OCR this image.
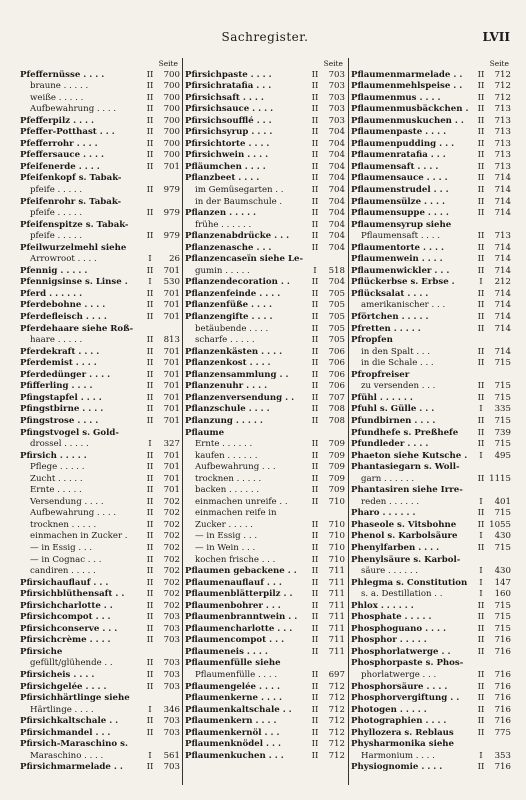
Sachregister.	LVII
Seite
Pfeffernüsse . . . .	II	700
braune . . . . .	II	700
weiße . . . . .	II	700
Aufbewahrung . . . .	II	700
Pfefferpilz . . . .	II	700
Pfeffer-Potthast . . .	II	700
Pfefferrohr . . . .	II	700
Pfeffersauce . . . .	II	700
Pfeifenerde . . . .	II	701
Pfeifenkopf s. Tabak-
pfeife . . . . .	II	979
Pfeifenrohr s. Tabak-
pfeife . . . . .	II	979
Pfeifenspitze s. Tabak-
pfeife . . . . .	II	979
Pfeilwurzelmehl siehe
Arrowroot . . . .	I	26
Pfennig . . . . .	II	701
Pfennigsinse s. Linse .	I	530
Pferd . . . . . .	II	701
Pferdebohne . . . .	II	701
Pferdefleisch . . . .	II	701
Pferdehaare siehe Roß-
haare . . . . .	II	813
Pferdekraft . . . .	II	701
Pferdemist . . . .	II	701
Pferdedünger . . . .	II	701
Pfifferling . . . .	II	701
Pfingstapfel . . . .	II	701
Pfingstbirne . . . .	II	701
Pfingstrose . . . .	II	701
Pfingstvogel s. Gold-
drossel . . . . .	I	327
Pfirsich . . . . .	II	701
Pflege . . . . .	II	701
Zucht . . . . .	II	701
Ernte . . . . .	II	701
Versendung . . . .	II	702
Aufbewahrung . . . .	II	702
trocknen . . . . .	II	702
einmachen in Zucker .	II	702
— in Essig . . .	II	702
— in Cognac . . .	II	702
candiren . . . . .	II	702
Pfirsichauflauf . . .	II	702
Pfirsichblüthensaft . .	II	702
Pfirsichcharlotte . .	II	702
Pfirsichcompot . . .	II	703
Pfirsichconserve . . .	II	703
Pfirsichcrème . . . .	II	703
Pfirsiche
gefüllt/glühende . .	II	703
Pfirsicheis . . . .	II	703
Pfirsichgelée . . . .	II	703
Pfirsichhärtlinge siehe
Härtlinge . . . .	I	346
Pfirsichkaltschale . .	II	703
Pfirsichmandel . . .	II	703
Pfirsich-Maraschino s.
Maraschino . . . .	I	561
Pfirsichmarmelade . .	II	703
Seite
Pfirsichpaste . . . .	II	703
Pfirsichratafia . . .	II	703
Pfirsichsaft . . . .	II	703
Pfirsichsauce . . . .	II	703
Pfirsichsoufflé . . .	II	703
Pfirsichsyrup . . . .	II	704
Pfirsichtorte . . . .	II	704
Pfirsichwein . . . .	II	704
Pfläumchen . . . .	II	704
Pflanzbeet . . . .	II	704
im Gemüsegarten . .	II	704
in der Baumschule .	II	704
Pflanzen . . . . .	II	704
frühe . . . . . .	II	704
Pflanzenabdrücke . . .	II	704
Pflanzenasche . . .	II	704
Pflanzencaseïn siehe Le-
gumin . . . . .	I	518
Pflanzendecoration . .	II	704
Pflanzenfeinde . . . .	II	705
Pflanzenfüße . . . .	II	705
Pflanzengifte . . . .	II	705
betäubende . . . .	II	705
scharfe . . . . .	II	705
Pflanzenkästen . . . .	II	706
Pflanzenkost . . . .	II	706
Pflanzensammlung . .	II	706
Pflanzenuhr . . . .	II	706
Pflanzenversendung . .	II	707
Pflanzschule . . . .	II	708
Pflanzung . . . . .	II	708
Pflaume
Ernte . . . . . .	II	709
kaufen . . . . . .	II	709
Aufbewahrung . . .	II	709
trocknen . . . . .	II	709
backen . . . . . .	II	709
einmachen unreife . .	II	710
einmachen reife in
Zucker . . . . .	II	710
— in Essig . . .	II	710
— in Wein . . .	II	710
kochen frische . . .	II	710
Pflaumen gebackene . .	II	711
Pflaumenauflauf . . .	II	711
Pflaumenblätterpilz . .	II	711
Pflaumenbohrer . . .	II	711
Pflaumenbranntwein . .	II	711
Pflaumencharlotte . . .	II	711
Pflaumencompot . . .	II	711
Pflaumeneis . . . .	II	711
Pflaumenfülle siehe
Pflaumenfülle . . . .	II	697
Pflaumengelée . . . .	II	712
Pflaumenkerne . . . .	II	712
Pflaumenkaltschale . .	II	712
Pflaumenkern . . . .	II	712
Pflaumenkernöl . . .	II	712
Pflaumenknödel . . .	II	712
Pflaumenkuchen . . .	II	712
Seite
Pflaumenmarmelade . .	II	712
Pflaumenmehlspeise . .	II	712
Pflaumenmus . . . .	II	712
Pflaumenmusbäckchen .	II	713
Pflaumenmuskuchen . .	II	713
Pflaumenpaste . . . .	II	713
Pflaumenpudding . . .	II	713
Pflaumenratafia . . .	II	713
Pflaumensaft . . . .	II	713
Pflaumensauce . . . .	II	714
Pflaumenstrudel . . .	II	714
Pflaumensülze . . . .	II	714
Pflaumensuppe . . . .	II	714
Pflaumensyrup siehe
Pflaumensaft . . . .	II	713
Pflaumentorte . . . .	II	714
Pflaumenwein . . . .	II	714
Pflaumenwickler . . .	II	714
Pflückerbse s. Erbse .	I	212
Pflücksalat . . . .	II	714
amerikanischer . . .	II	714
Pförtchen . . . . .	II	714
Pfretten . . . . .	II	714
Pfropfen
in den Spalt . . .	II	714
in die Schale . . .	II	715
Pfropfreiser
zu versenden . . .	II	715
Pfühl . . . . . .	II	715
Pfuhl s. Gülle . . .	I	335
Pfundbirnen . . . .	II	715
Pfundhefe s. Preßhefe	II	739
Pfundleder . . . .	II	715
Phaeton siehe Kutsche .	I	495
Phantasiegarn s. Woll-
garn . . . . . .	II 1115
Phantasiren siehe Irre-
reden . . . . . .	I	401
Pharo . . . . . .	II	715
Phaseole s. Vitsbohne	II 1055
Phenol s. Karbolsäure	I	430
Phenylfarben . . . .	II	715
Phenylsäure s. Karbol-
säure . . . . . .	I	430
Phlegma s. Constitution	I	147
s. a. Destillation . .	I	160
Phlox . . . . . .	II	715
Phosphate . . . . .	II	715
Phosphoguano . . . .	II	715
Phosphor . . . . .	II	716
Phosphorlatwerge . .	II	716
Phosphorpaste s. Phos-
phorlatwerge . . .	II	716
Phosphorsäure . . . .	II	716
Phosphorvergiftung . .	II	716
Photogen . . . . .	II	716
Photographien . . . .	II	716
Phyllozera s. Reblaus	II	775
Physharmonika siehe
Harmonium . . . .	I	353
Physiognomie . . . .	II	716
